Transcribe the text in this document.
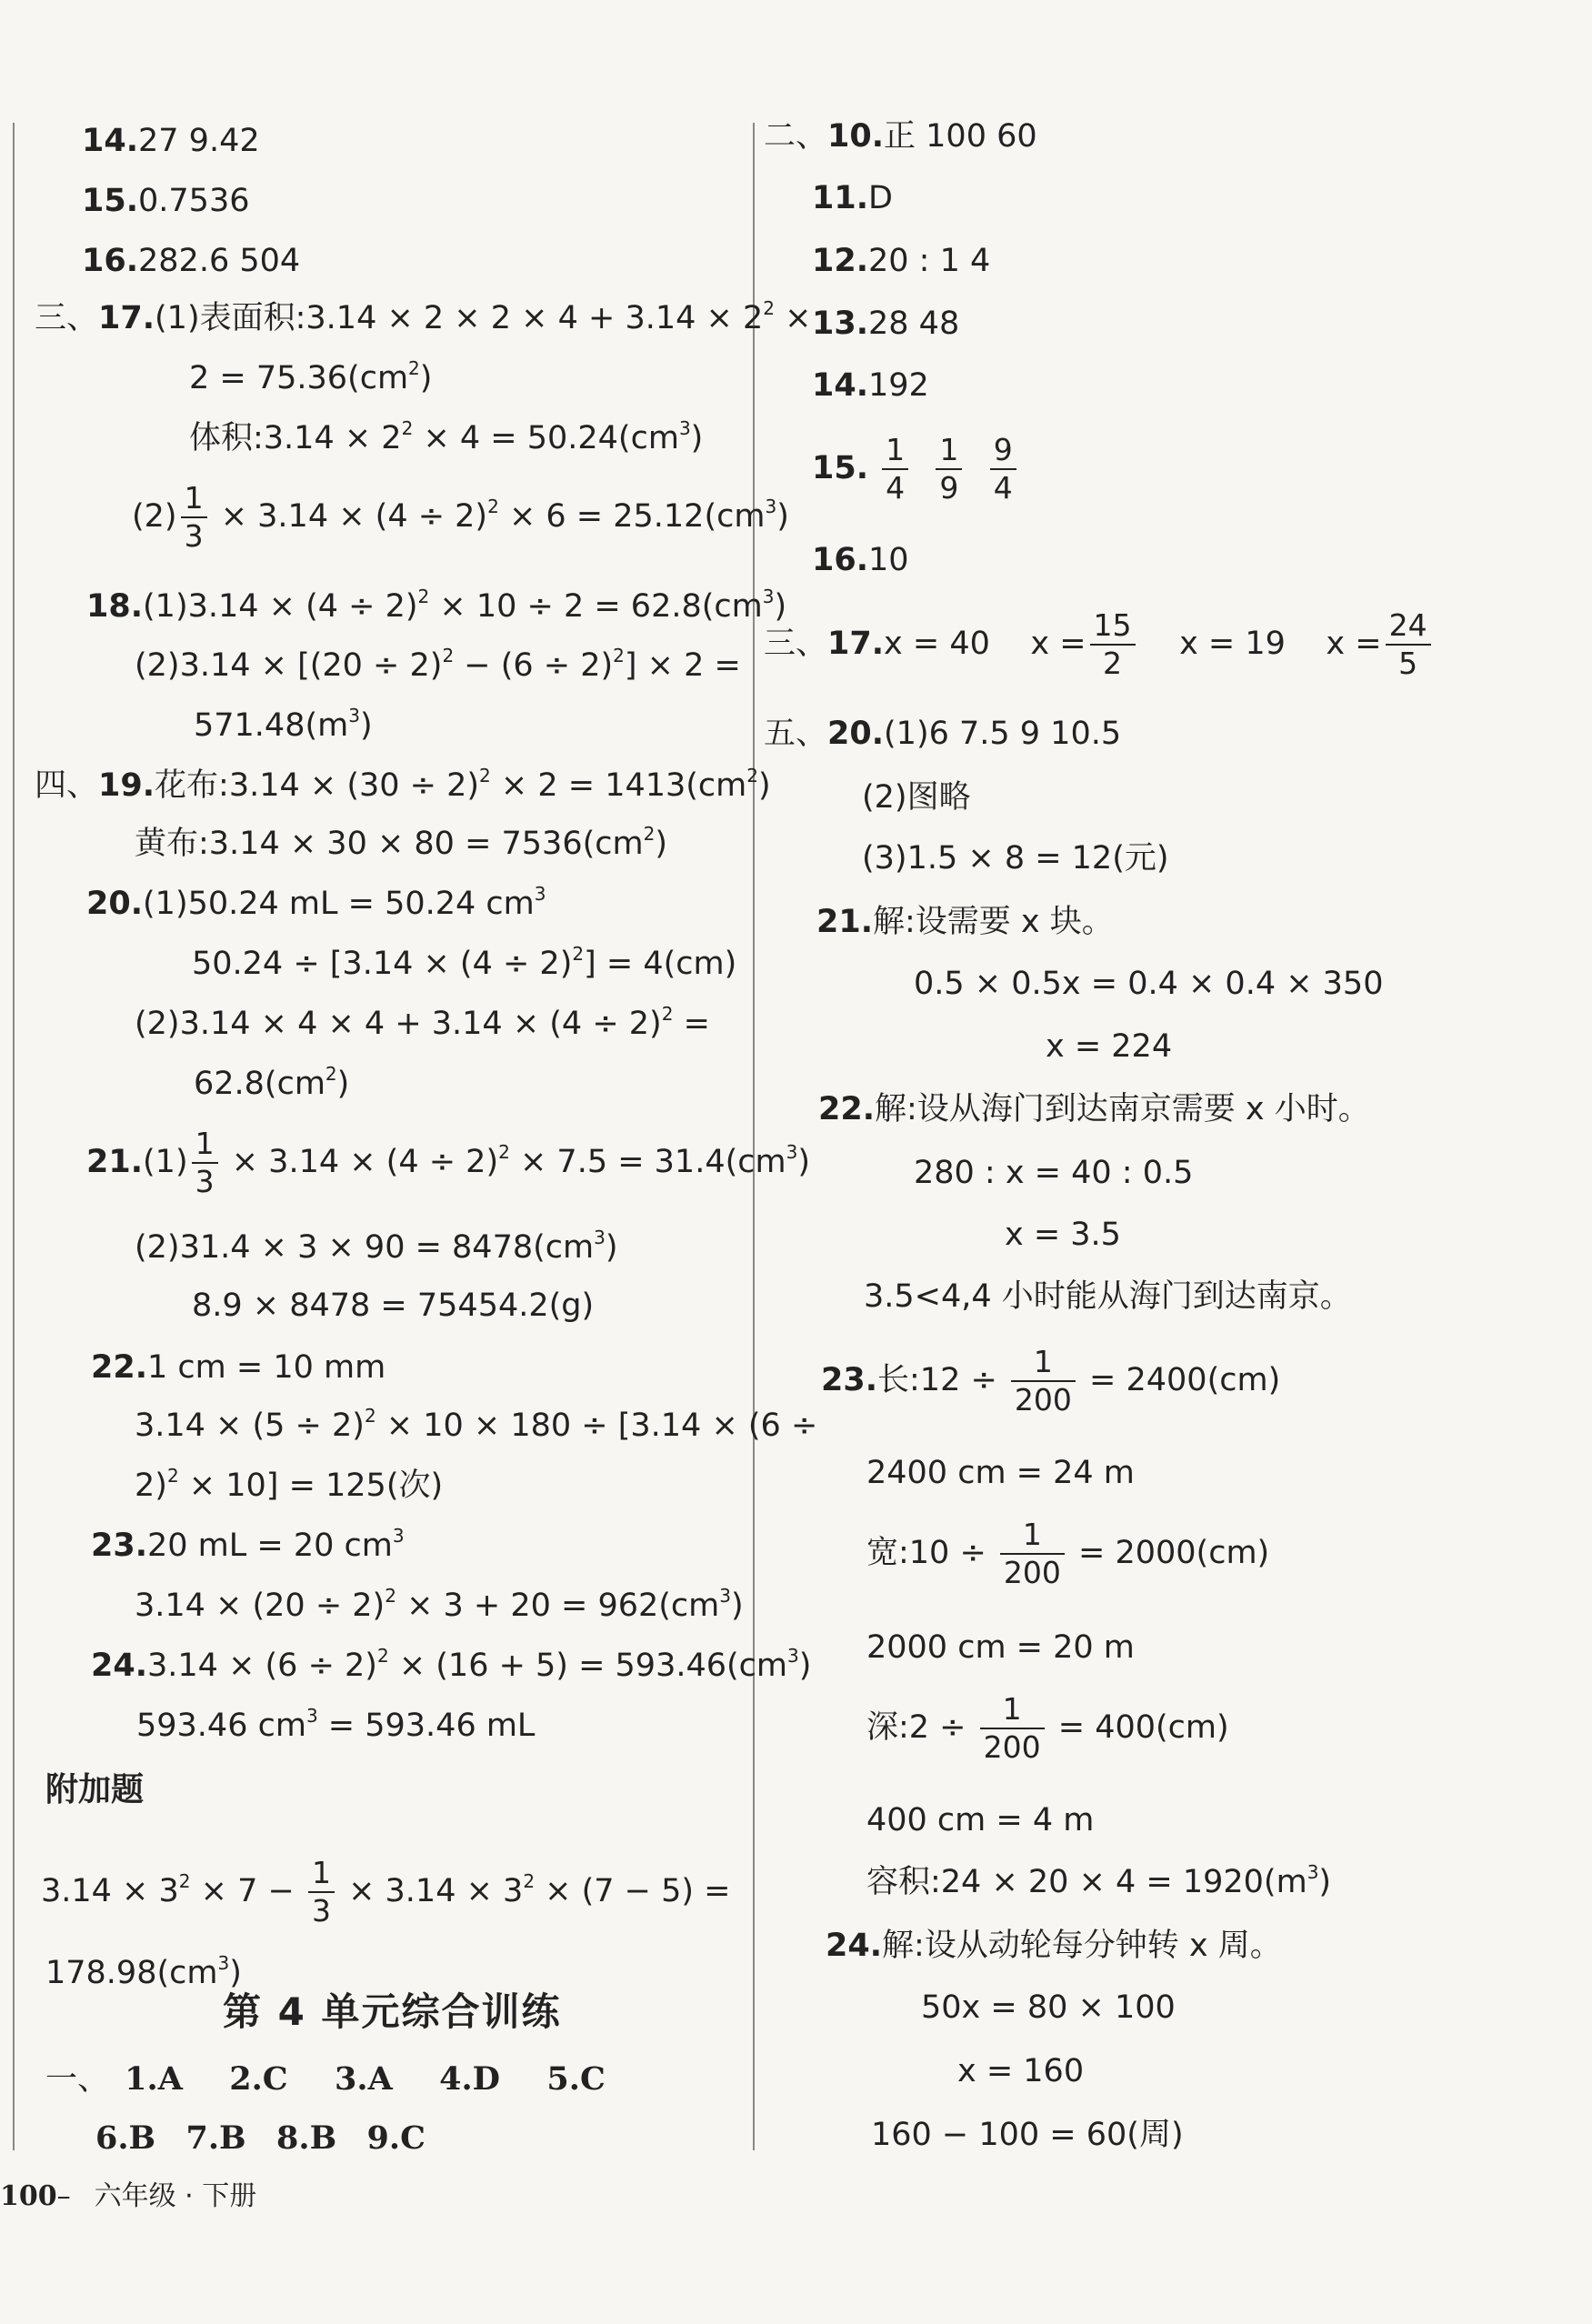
14.27 9.42
15.0.7536
16.282.6 504
三、17.(1)表面积:3.14 × $2 \times 2 \times 4 + 3.14 \times 2^2$ ×
$2 = 75.36(cm^2)$
体积:3.14 × $2^2 \times 4 = 50.24(cm^3)$
$(2) \frac{1}{3} \times 3.14 \times (4 \div 2)^2 \times 6 = 25.12(cm^3)$
$18.(1)3.14 \times (4 \div 2)^2 \times 10 \div 2 = 62.8(cm^3)$
$(2)3.14 \times [(20 \div 2)^2 - (6 \div 2)^2] \times 2$ =
$571.48(m^3)$
四、19.花布:3.14 × $(30 \div 2)^2 \times 2 = 1413(cm^2)$
黄布:3.14 × $30 \times 80 = 7536(cm^2)$
20.(1)50.24 mL = 50.24 $cm^3$
$50.24 \div [3.14 \times (4 \div 2)^2] = 4(cm)$
$(2)3.14 \times 4 \times 4 + 3.14 \times (4 \div 2)^2$ =
$62.8(cm^2)$
$21.(1) \frac{1}{3} \times 3.14 \times (4 \div 2)^2 \times 7.5 = 31.4(cm^3)$
$(2)31.4 \times 3 \times 90 = 8478(cm^3)$
8.9 × 8478 = 75454.2(g)
22.1 cm = 10 mm
$3.14 \times (5 \div 2)^2 \times 10 \times 180 \div [3.14 \times (6$ ÷
2)$^2$ × 10] = 125(次)
23.20 mL = 20 $cm^3$
$3.14 \times (20 \div 2)^2 \times 3 + 20 = 962(cm^3)$
$24.3.14 \times (6 \div 2)^2 \times (16 + 5) = 593.46(cm^3)$
593.46 $cm^3 = 593.46$ mL
附加题
$3.14 \times 3^2 \times 7 - \frac{1}{3} \times 3.14 \times 3^2 \times (7 - 5)$ =
$178.98(cm^3)$
第 4 单元综合训练
一、 1.A 2.C 3.A 4.D 5.C
6.B 7.B 8.B 9.C
二、10.正 100 60
11.D
12.20 : 1 4
13.28 48
14.192
15. $\frac{1}{4}$
$\frac{1}{9}$
$\frac{9}{4}$
16.10
三、17.x = 40 $x = \frac{15}{2}$ x = 19 $x = \frac{24}{5}$
五、20.(1)6 7.5 9 10.5
(2)图略
(3)1.5 × 8 = 12(元)
21.解:设需要 x 块。
0.5 × 0.5x = 0.4 × 0.4 × 350
x = 224
22.解:设从海门到达南京需要 x 小时。
280 : x = 40 : 0.5
x = 3.5
3.5<4,4 小时能从海门到达南京。
23.长:12 ÷ $\frac{1}{200} = 2400(cm)$
2400 cm = 24 m
宽:10 ÷ $\frac{1}{200} = 2000(cm)$
2000 cm = 20 m
深:2 ÷ $\frac{1}{200} = 400(cm)$
400 cm = 4 m
容积:24 × $20 \times 4 = 1920(m^3)$
24.解:设从动轮每分钟转 x 周。
50x = 80 × 100
x = 160
160 − 100 = 60(周)
100– 六年级 · 下册
